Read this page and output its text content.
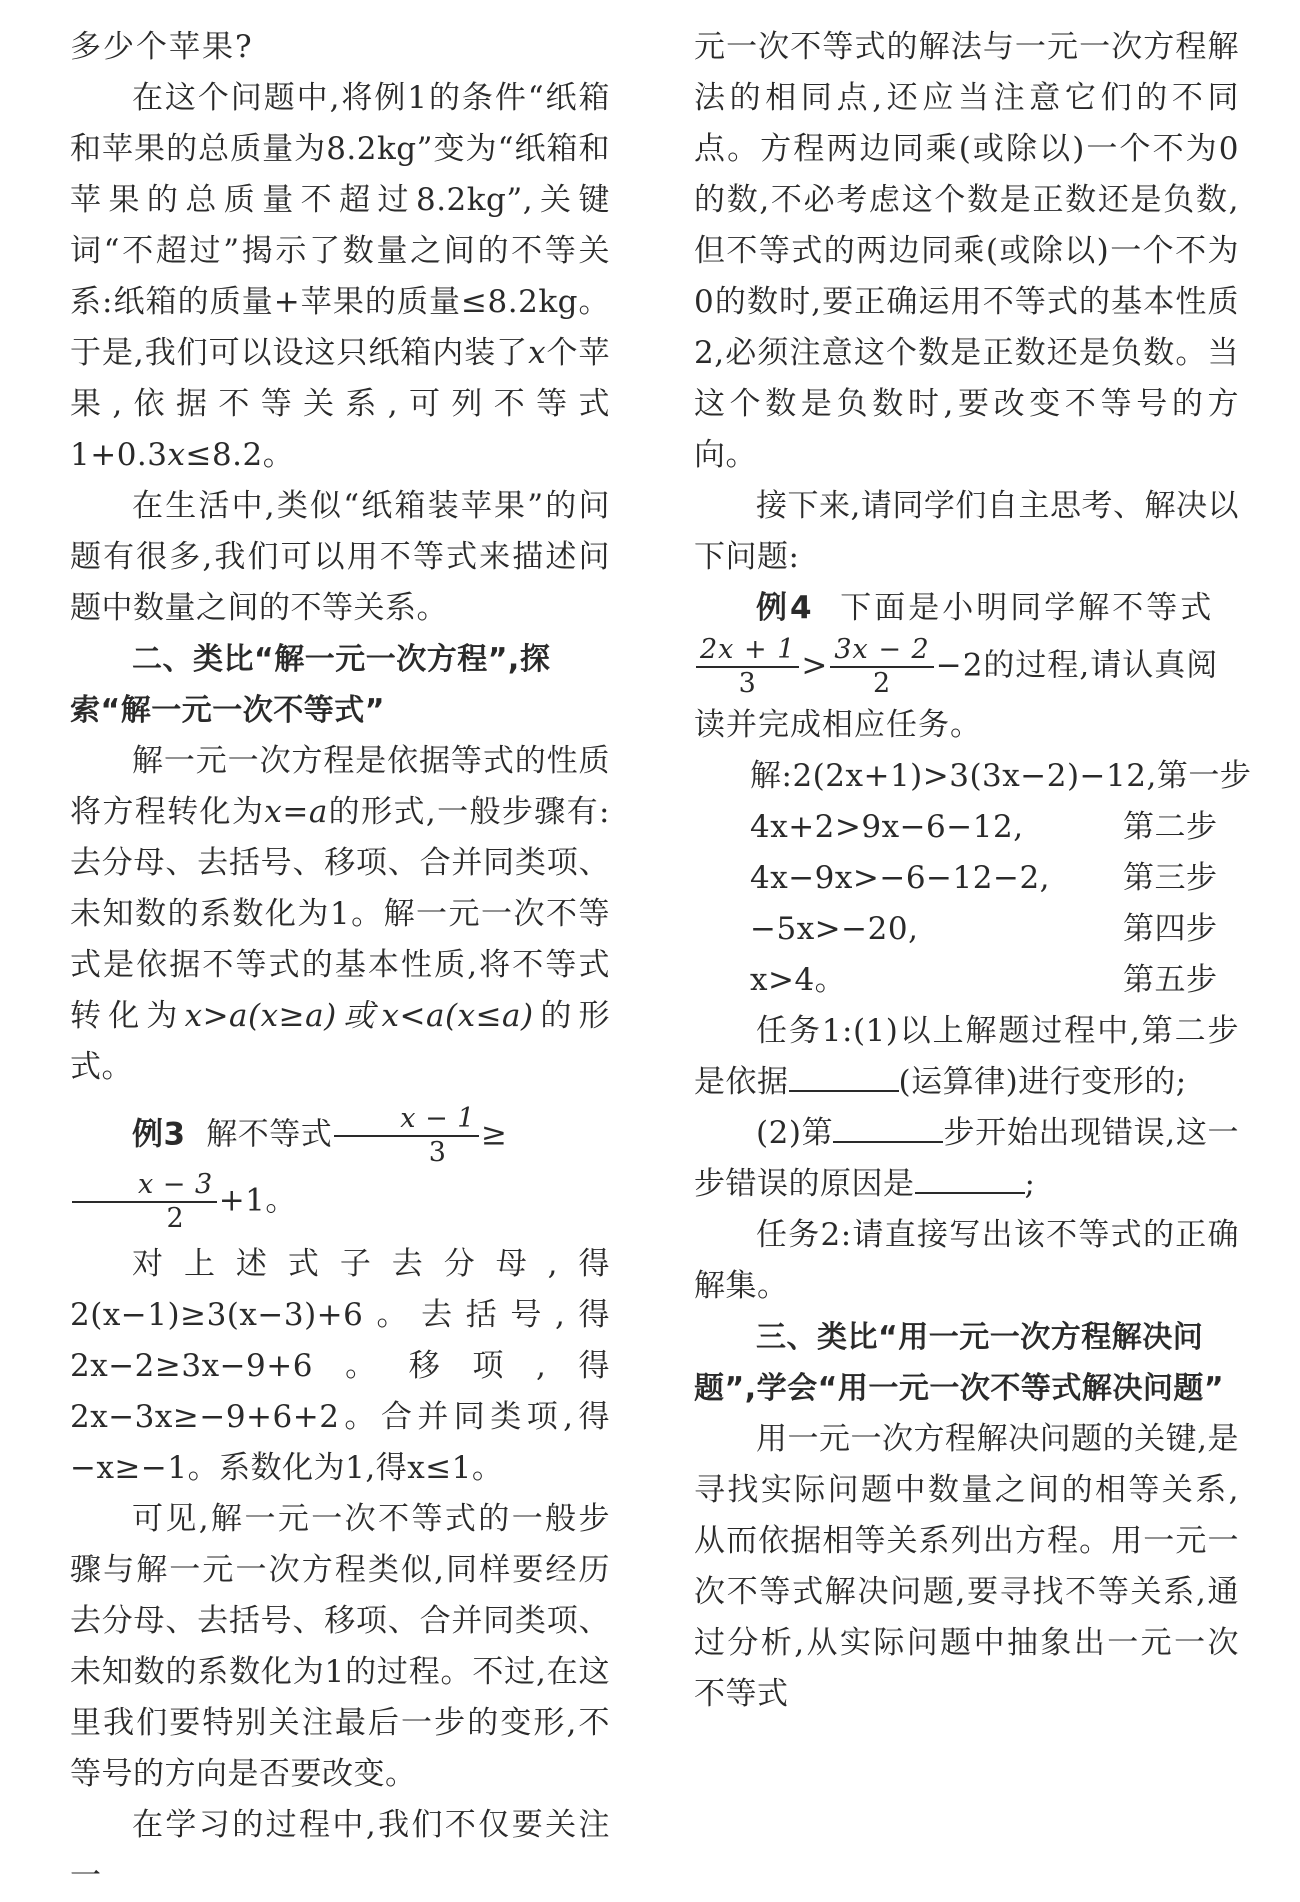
多少个苹果?

在这个问题中,将例1的条件“纸箱和苹果的总质量为8.2kg”变为“纸箱和苹果的总质量不超过8.2kg”,关键词“不超过”揭示了数量之间的不等关系:纸箱的质量+苹果的质量≤8.2kg。于是,我们可以设这只纸箱内装了x个苹果,依据不等关系,可列不等式1+0.3x≤8.2。

在生活中,类似“纸箱装苹果”的问题有很多,我们可以用不等式来描述问题中数量之间的不等关系。

二、类比“解一元一次方程”,探索“解一元一次不等式”

解一元一次方程是依据等式的性质将方程转化为x=a的形式,一般步骤有:去分母、去括号、移项、合并同类项、未知数的系数化为1。解一元一次不等式是依据不等式的基本性质,将不等式转化为x>a(x≥a)或x<a(x≤a)的形式。

例3 解不等式 $\frac{x - 1}{3}$ ≥
$\frac{x - 3}{2} +1$。

对上述式子去分母,得2(x−1)≥3(x−3)+6。去括号,得2x−2≥3x−9+6。移项,得2x−3x≥−9+6+2。合并同类项,得−x≥−1。系数化为1,得x≤1。

可见,解一元一次不等式的一般步骤与解一元一次方程类似,同样要经历去分母、去括号、移项、合并同类项、未知数的系数化为1的过程。不过,在这里我们要特别关注最后一步的变形,不等号的方向是否要改变。

在学习的过程中,我们不仅要关注一

元一次不等式的解法与一元一次方程解法的相同点,还应当注意它们的不同点。方程两边同乘(或除以)一个不为0的数,不必考虑这个数是正数还是负数,但不等式的两边同乘(或除以)一个不为0的数时,要正确运用不等式的基本性质2,必须注意这个数是正数还是负数。当这个数是负数时,要改变不等号的方向。

接下来,请同学们自主思考、解决以下问题:

例4 下面是小明同学解不等式

$\frac{2x + 1}{3} > \frac{3x - 2}{2} -2$的过程,请认真阅读并完成相应任务。

解:2(2x+1)>3(3x−2)−12, 第一步
4x+2>9x−6−12,	第二步
4x−9x>−6−12−2, 第三步
−5x>−20,	第四步
x>4。	第五步

任务1:(1)以上解题过程中,第二步是依据	(运算律)进行变形的;

(2)第	步开始出现错误,这一步错误的原因是	;

任务2:请直接写出该不等式的正确解集。

三、类比“用一元一次方程解决问题”,学会“用一元一次不等式解决问题”

用一元一次方程解决问题的关键,是寻找实际问题中数量之间的相等关系,从而依据相等关系列出方程。用一元一次不等式解决问题,要寻找不等关系,通过分析,从实际问题中抽象出一元一次不等式
